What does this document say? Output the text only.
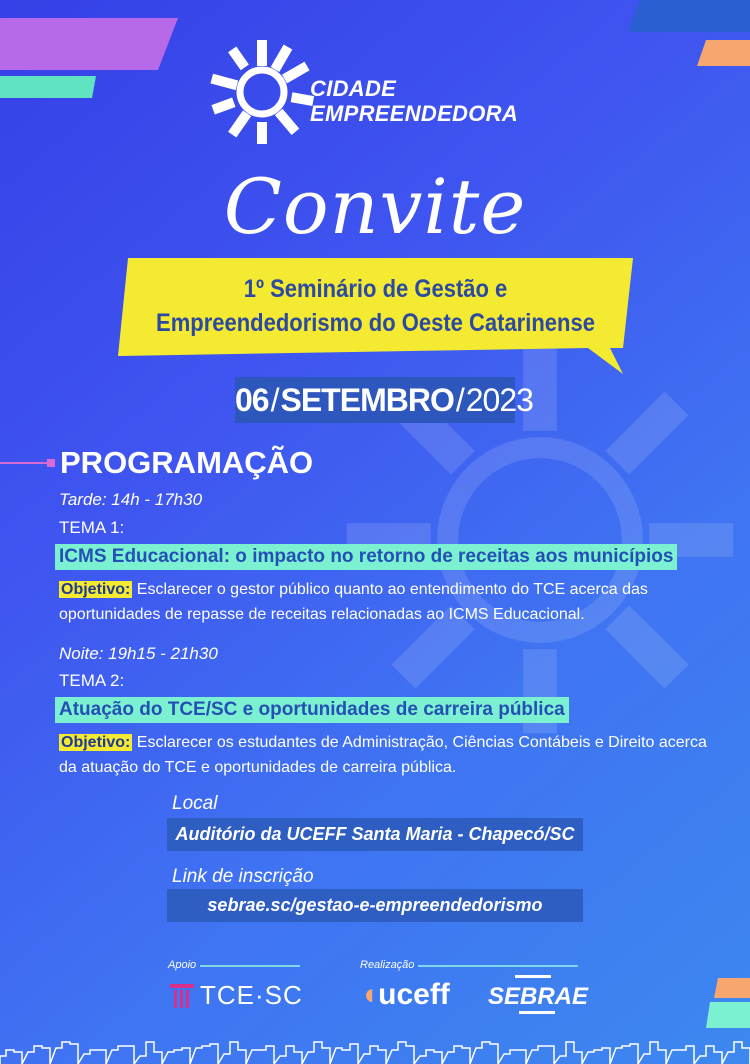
CIDADE
EMPREENDEDORA
Convite
1º Seminário de Gestão e
Empreendedorismo do Oeste Catarinense
06/SETEMBRO/2023
PROGRAMAÇÃO
Tarde: 14h - 17h30
TEMA 1:
ICMS Educacional: o impacto no retorno de receitas aos municípios
Objetivo: Esclarecer o gestor público quanto ao entendimento do TCE acerca das oportunidades de repasse de receitas relacionadas ao ICMS Educacional.
Noite: 19h15 - 21h30
TEMA 2:
Atuação do TCE/SC e oportunidades de carreira pública
Objetivo: Esclarecer os estudantes de Administração, Ciências Contábeis e Direito acerca da atuação do TCE e oportunidades de carreira pública.
Local
Auditório da UCEFF Santa Maria - Chapecó/SC
Link de inscrição
sebrae.sc/gestao-e-empreendedorismo
Apoio
TCE·SC
Realização
◖uceff SEBRAE
